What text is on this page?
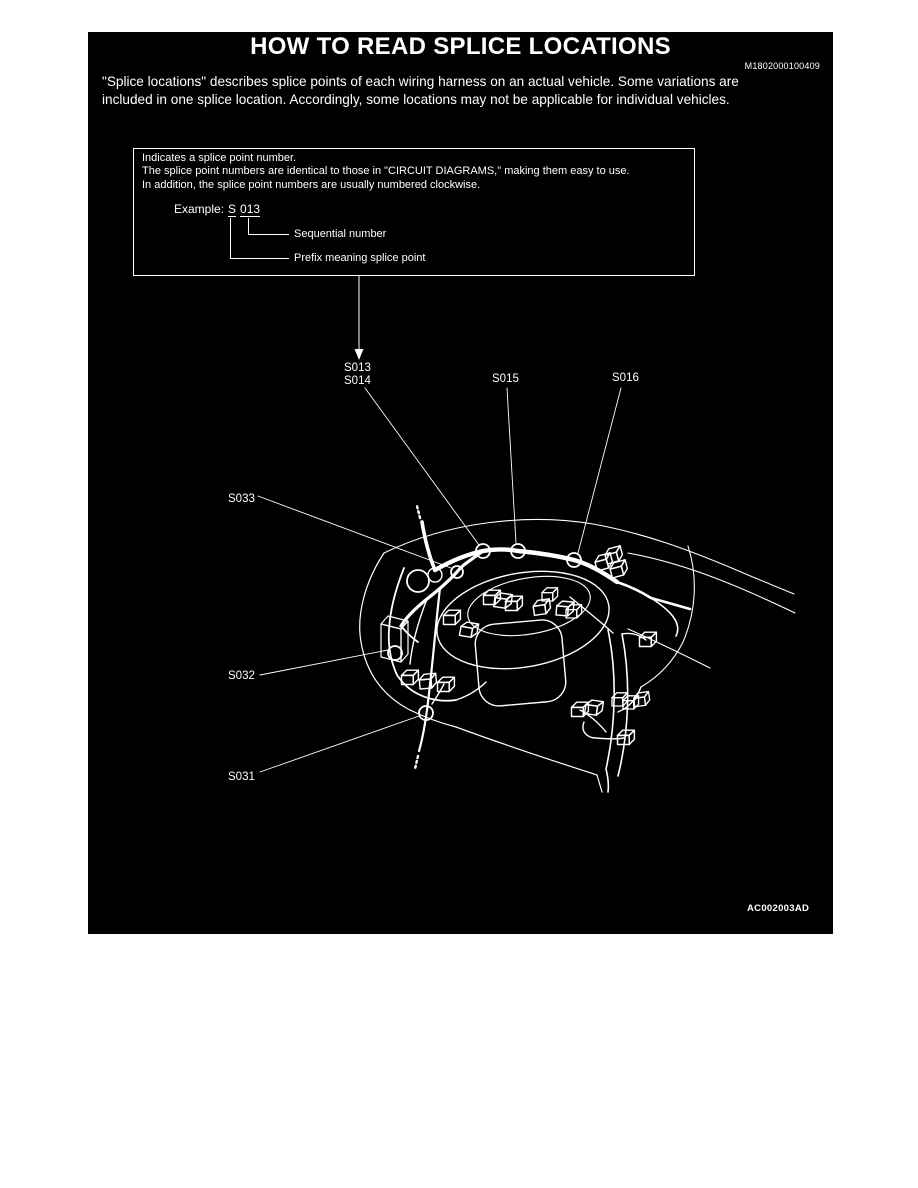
HOW TO READ SPLICE LOCATIONS
M1802000100409
"Splice locations" describes splice points of each wiring harness on an actual vehicle. Some variations are
included in one splice location. Accordingly, some locations may not be applicable for individual vehicles.
Indicates a splice point number.
The splice point numbers are identical to those in "CIRCUIT DIAGRAMS," making them easy to use.
In addition, the splice point numbers are usually numbered clockwise.
Example: S 013
Sequential number
Prefix meaning splice point
S013
S014	S015	S016
S033
S032
S031
AC002003AD
